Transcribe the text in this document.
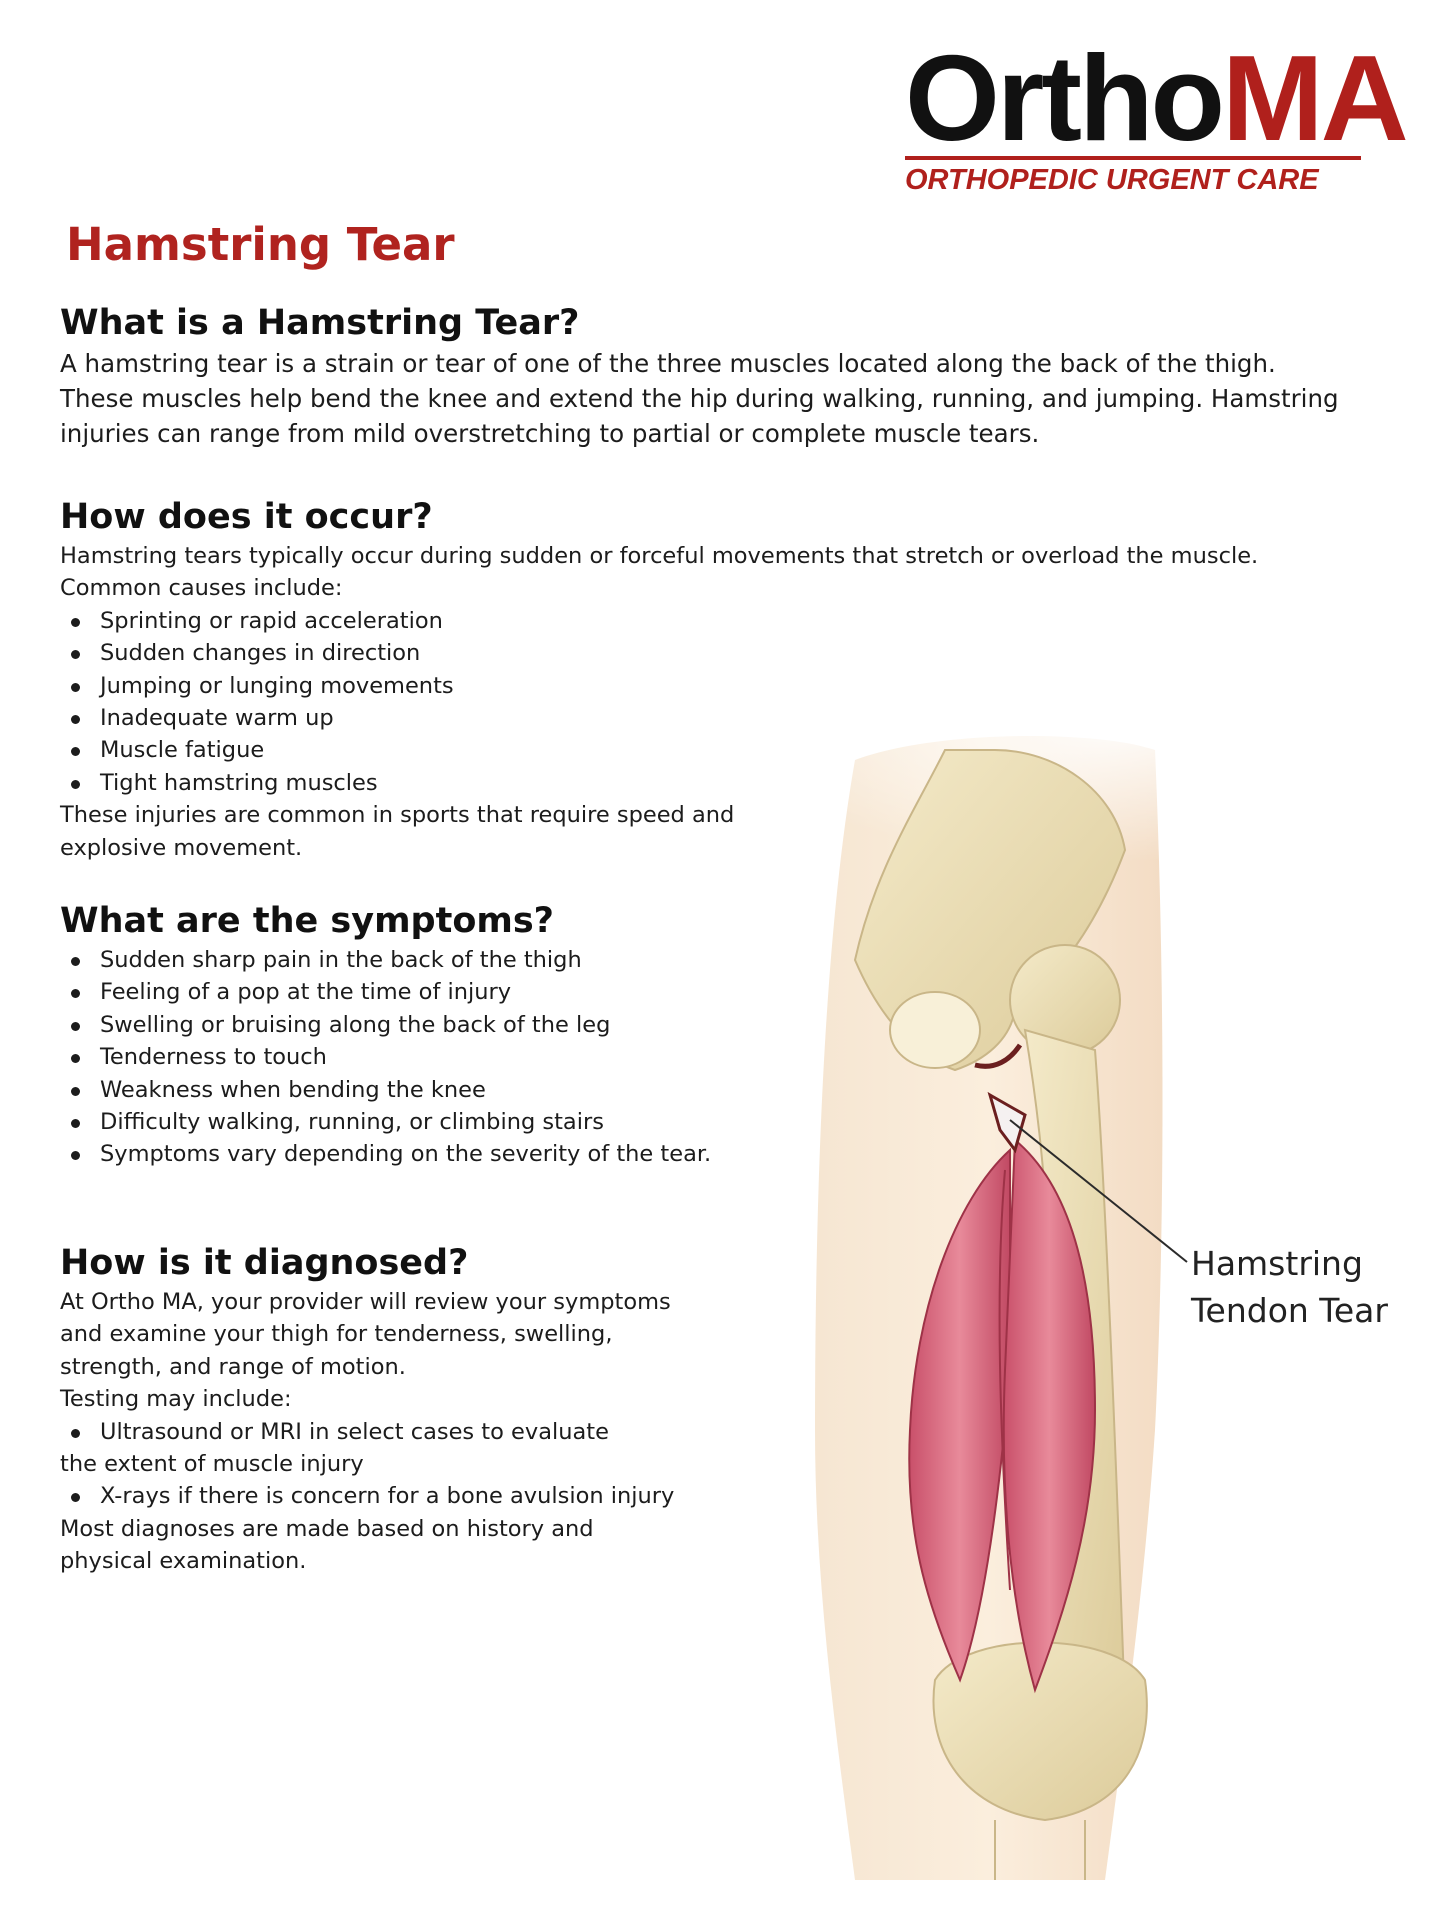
OrthoMA
ORTHOPEDIC URGENT CARE
Hamstring Tear
What is a Hamstring Tear?
A hamstring tear is a strain or tear of one of the three muscles located along the back of the thigh.
These muscles help bend the knee and extend the hip during walking, running, and jumping. Hamstring
injuries can range from mild overstretching to partial or complete muscle tears.
How does it occur?
Hamstring tears typically occur during sudden or forceful movements that stretch or overload the muscle.
Common causes include:
Sprinting or rapid acceleration
Sudden changes in direction
Jumping or lunging movements
Inadequate warm up
Muscle fatigue
Tight hamstring muscles
These injuries are common in sports that require speed and
explosive movement.
What are the symptoms?
Sudden sharp pain in the back of the thigh
Feeling of a pop at the time of injury
Swelling or bruising along the back of the leg
Tenderness to touch
Weakness when bending the knee
Difficulty walking, running, or climbing stairs
Symptoms vary depending on the severity of the tear.
How is it diagnosed?
At Ortho MA, your provider will review your symptoms
and examine your thigh for tenderness, swelling,
strength, and range of motion.
Testing may include:
Ultrasound or MRI in select cases to evaluate
the extent of muscle injury
X-rays if there is concern for a bone avulsion injury
Most diagnoses are made based on history and
physical examination.
Hamstring
Tendon Tear
